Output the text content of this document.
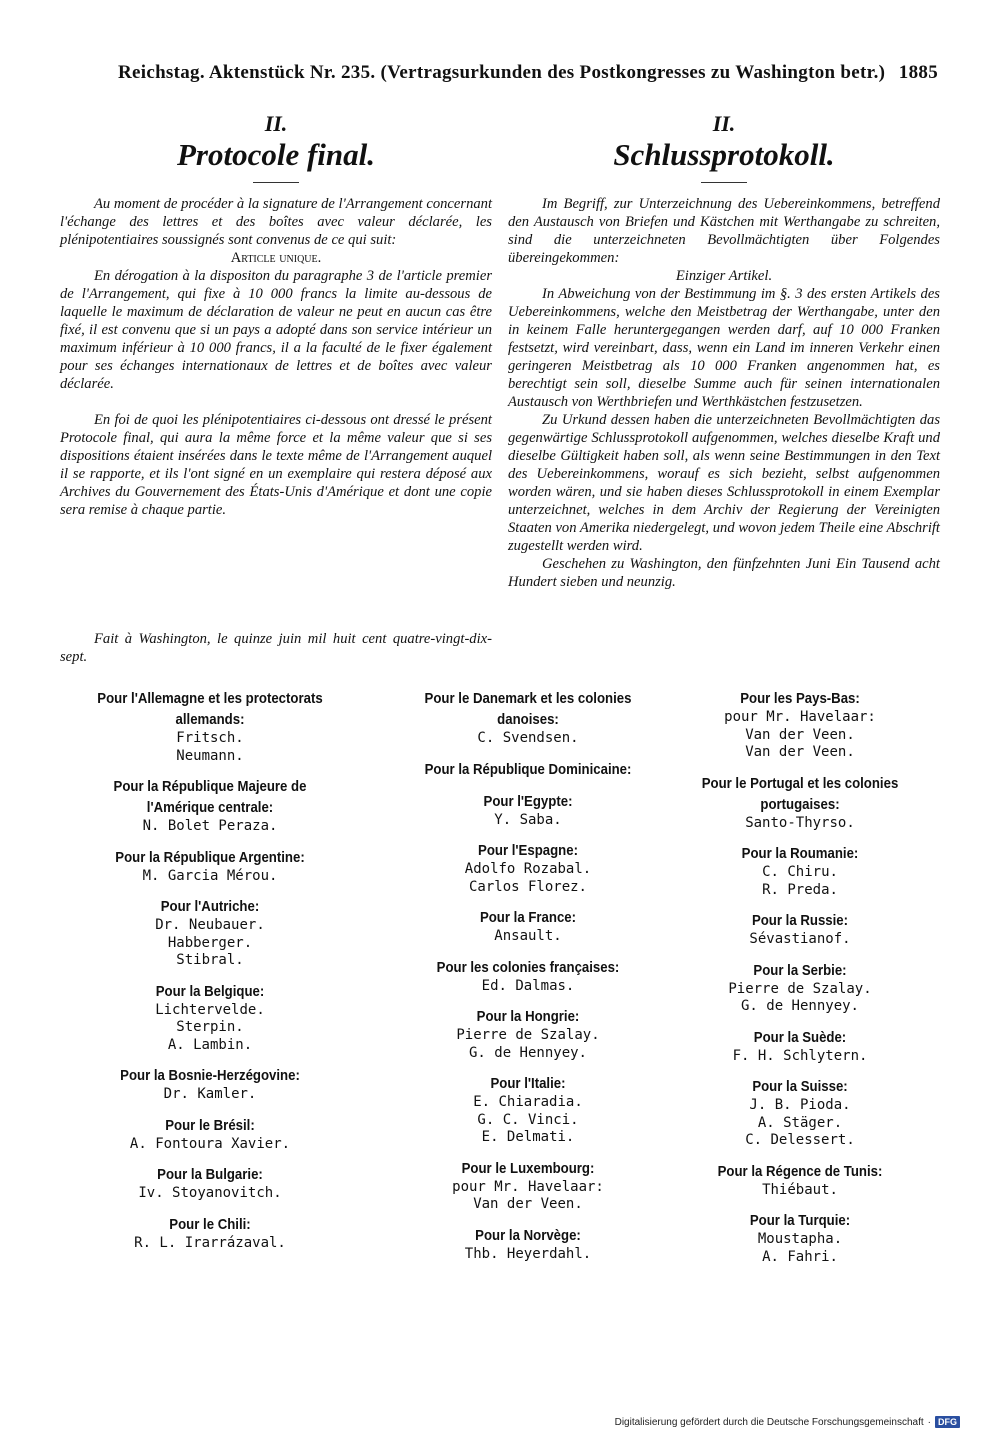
Reichstag. Aktenstück Nr. 235. (Vertragsurkunden des Postkongresses zu Washington betr.) 1885
II.
Protocole final.

Au moment de procéder à la signature de l'Arrangement concernant l'échange des lettres et des boîtes avec valeur déclarée, les plénipotentiaires soussignés sont convenus de ce qui suit:

Article unique.

En dérogation à la dispositon du paragraphe 3 de l'article premier de l'Arrangement, qui fixe à 10 000 francs la limite au-dessous de laquelle le maximum de déclaration de valeur ne peut en aucun cas être fixé, il est convenu que si un pays a adopté dans son service intérieur un maximum inférieur à 10 000 francs, il a la faculté de le fixer également pour ses échanges internationaux de lettres et de boîtes avec valeur déclarée.

En foi de quoi les plénipotentiaires ci-dessous ont dressé le présent Protocole final, qui aura la même force et la même valeur que si ses dispositions étaient insérées dans le texte même de l'Arrangement auquel il se rapporte, et ils l'ont signé en un exemplaire qui restera déposé aux Archives du Gouvernement des États-Unis d'Amérique et dont une copie sera remise à chaque partie.

Fait à Washington, le quinze juin mil huit cent quatre-vingt-dix-sept.

II.
Schlussprotokoll.

Im Begriff, zur Unterzeichnung des Uebereinkommens, betreffend den Austausch von Briefen und Kästchen mit Werthangabe zu schreiten, sind die unterzeichneten Bevollmächtigten über Folgendes übereingekommen:

Einziger Artikel.

In Abweichung von der Bestimmung im §. 3 des ersten Artikels des Uebereinkommens, welche den Meistbetrag der Werthangabe, unter den in keinem Falle heruntergegangen werden darf, auf 10 000 Franken festsetzt, wird vereinbart, dass, wenn ein Land im inneren Verkehr einen geringeren Meistbetrag als 10 000 Franken angenommen hat, es berechtigt sein soll, dieselbe Summe auch für seinen internationalen Austausch von Werthbriefen und Werthkästchen festzusetzen.

Zu Urkund dessen haben die unterzeichneten Bevollmächtigten das gegenwärtige Schlussprotokoll aufgenommen, welches dieselbe Kraft und dieselbe Gültigkeit haben soll, als wenn seine Bestimmungen in den Text des Uebereinkommens, worauf es sich bezieht, selbst aufgenommen worden wären, und sie haben dieses Schlussprotokoll in einem Exemplar unterzeichnet, welches in dem Archiv der Regierung der Vereinigten Staaten von Amerika niedergelegt, und wovon jedem Theile eine Abschrift zugestellt werden wird.

Geschehen zu Washington, den fünfzehnten Juni Ein Tausend acht Hundert sieben und neunzig.

Pour l'Allemagne et les protectorats allemands:
Fritsch.
Neumann.
Pour la République Majeure de l'Amérique centrale:
N. Bolet Peraza.
Pour la République Argentine:
M. Garcia Mérou.
Pour l'Autriche:
Dr. Neubauer.
Habberger.
Stibral.
Pour la Belgique:
Lichtervelde.
Sterpin.
A. Lambin.
Pour la Bosnie-Herzégovine:
Dr. Kamler.
Pour le Brésil:
A. Fontoura Xavier.
Pour la Bulgarie:
Iv. Stoyanovitch.
Pour le Chili:
R. L. Irarrázaval.
Pour le Danemark et les colonies danoises:
C. Svendsen.
Pour la République Dominicaine:
Pour l'Egypte:
Y. Saba.
Pour l'Espagne:
Adolfo Rozabal.
Carlos Florez.
Pour la France:
Ansault.
Pour les colonies françaises:
Ed. Dalmas.
Pour la Hongrie:
Pierre de Szalay.
G. de Hennyey.
Pour l'Italie:
E. Chiaradia.
G. C. Vinci.
E. Delmati.
Pour le Luxembourg:
pour Mr. Havelaar:
Van der Veen.
Pour la Norvège:
Thb. Heyerdahl.
Pour les Pays-Bas:
pour Mr. Havelaar:
Van der Veen.
Van der Veen.
Pour le Portugal et les colonies portugaises:
Santo-Thyrso.
Pour la Roumanie:
C. Chiru.
R. Preda.
Pour la Russie:
Sévastianof.
Pour la Serbie:
Pierre de Szalay.
G. de Hennyey.
Pour la Suède:
F. H. Schlytern.
Pour la Suisse:
J. B. Pioda.
A. Stäger.
C. Delessert.
Pour la Régence de Tunis:
Thiébaut.
Pour la Turquie:
Moustapha.
A. Fahri.
Digitalisierung gefördert durch die Deutsche Forschungsgemeinschaft · DFG
